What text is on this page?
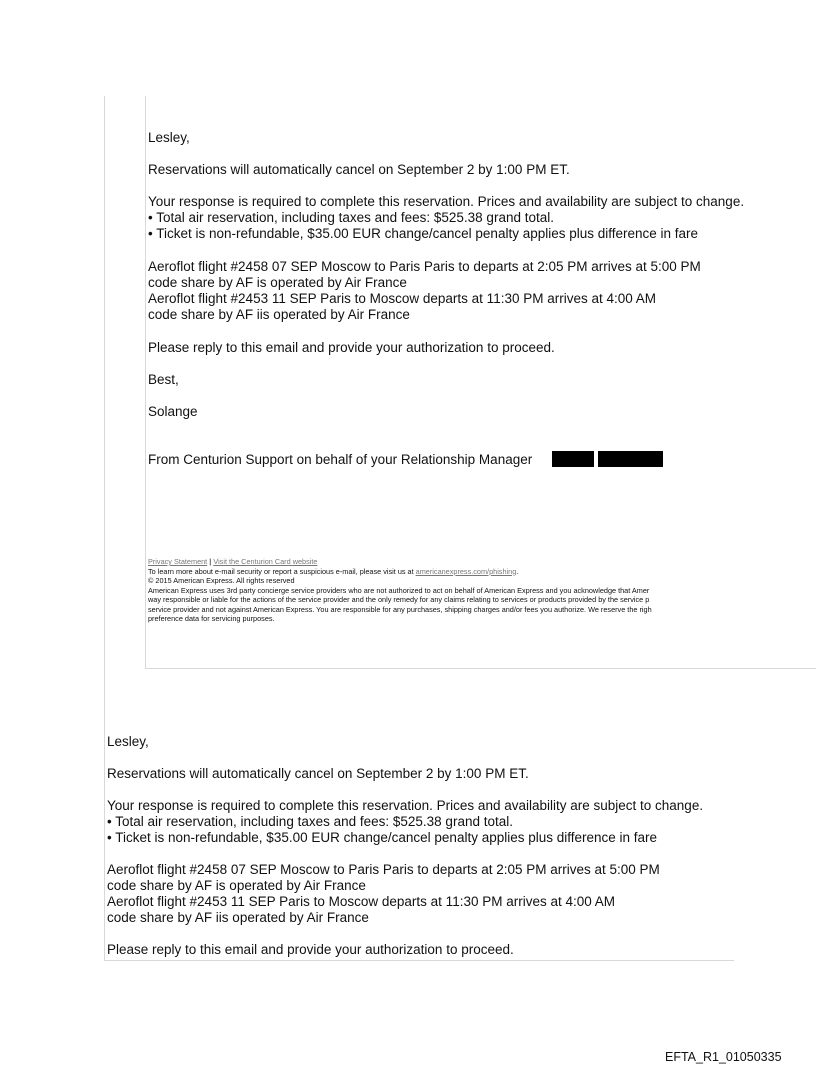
Lesley,

Reservations will automatically cancel on September 2 by 1:00 PM ET.

Your response is required to complete this reservation. Prices and availability are subject to change.
• Total air reservation, including taxes and fees: $525.38 grand total.
• Ticket is non-refundable, $35.00 EUR change/cancel penalty applies plus difference in fare
Aeroflot flight #2458 07 SEP Moscow to Paris Paris to departs at 2:05 PM arrives at 5:00 PM
code share by AF is operated by Air France
Aeroflot flight #2453 11 SEP Paris to Moscow departs at 11:30 PM arrives at 4:00 AM
code share by AF iis operated by Air France

Please reply to this email and provide your authorization to proceed.

Best,

Solange

From Centurion Support on behalf of your Relationship Manager

Privacy Statement | Visit the Centurion Card website
To learn more about e-mail security or report a suspicious e-mail, please visit us at americanexpress.com/phishing.
© 2015 American Express. All rights reserved
American Express uses 3rd party concierge service providers who are not authorized to act on behalf of American Express and you acknowledge that Amer
way responsible or liable for the actions of the service provider and the only remedy for any claims relating to services or products provided by the service p
service provider and not against American Express. You are responsible for any purchases, shipping charges and/or fees you authorize. We reserve the righ
preference data for servicing purposes.

Lesley,

Reservations will automatically cancel on September 2 by 1:00 PM ET.

Your response is required to complete this reservation. Prices and availability are subject to change.
• Total air reservation, including taxes and fees: $525.38 grand total.
• Ticket is non-refundable, $35.00 EUR change/cancel penalty applies plus difference in fare
Aeroflot flight #2458 07 SEP Moscow to Paris Paris to departs at 2:05 PM arrives at 5:00 PM
code share by AF is operated by Air France
Aeroflot flight #2453 11 SEP Paris to Moscow departs at 11:30 PM arrives at 4:00 AM
code share by AF iis operated by Air France

Please reply to this email and provide your authorization to proceed.

EFTA_R1_01050335
